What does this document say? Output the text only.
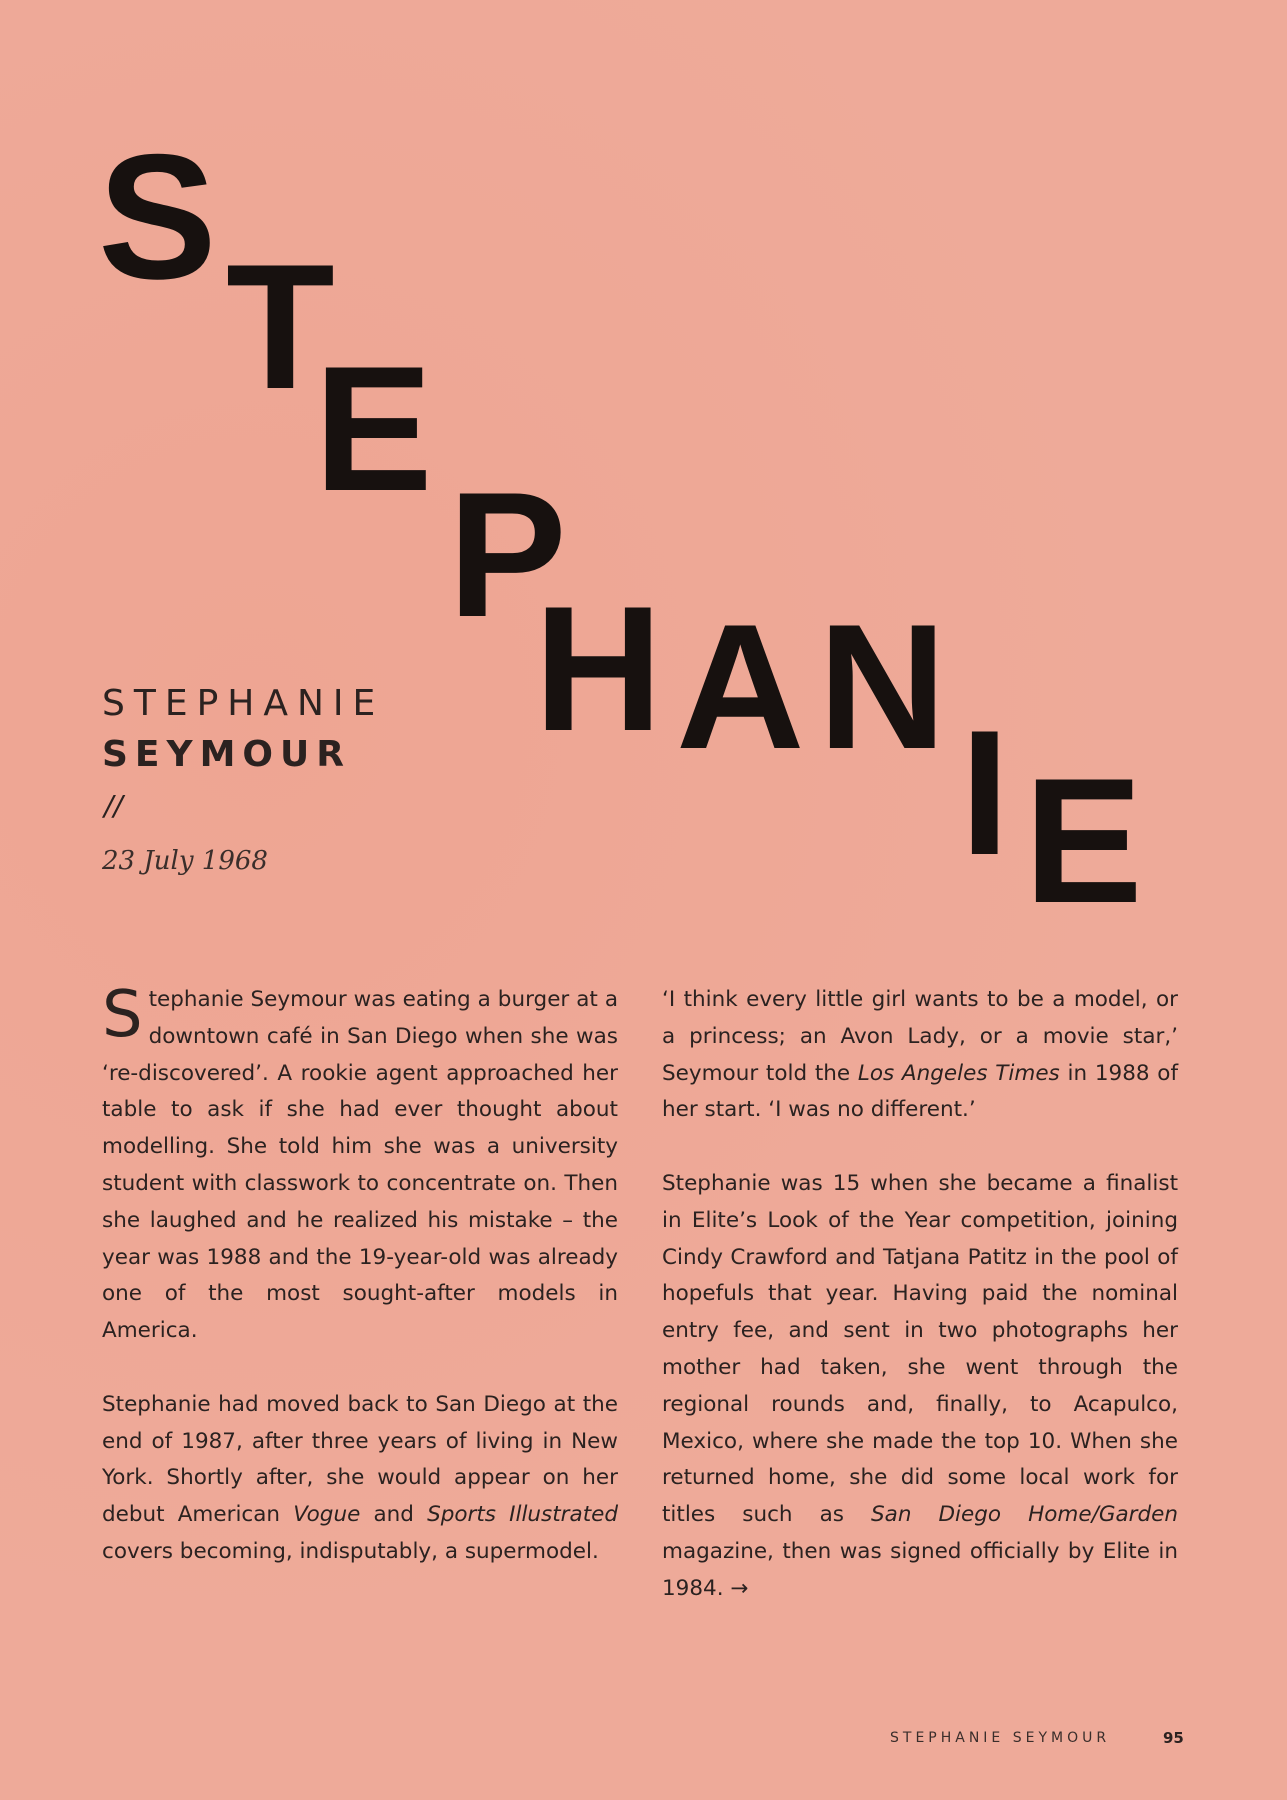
S
T
E
P
H A N
I E
STEPHANIE
SEYMOUR
//
23 July 1968

Stephanie Seymour was eating a burger at a downtown café in San Diego when she was ‘re-discovered’. A rookie agent approached her table to ask if she had ever thought about modelling. She told him she was a university student with classwork to concentrate on. Then she laughed and he realized his mistake – the year was 1988 and the 19-year-old was already one of the most sought-after models in America.

Stephanie had moved back to San Diego at the end of 1987, after three years of living in New York. Shortly after, she would appear on her debut American Vogue and Sports Illustrated covers becoming, indisputably, a supermodel.

‘I think every little girl wants to be a model, or a princess; an Avon Lady, or a movie star,’ Seymour told the Los Angeles Times in 1988 of her start. ‘I was no different.’

Stephanie was 15 when she became a finalist in Elite’s Look of the Year competition, joining Cindy Crawford and Tatjana Patitz in the pool of hopefuls that year. Having paid the nominal entry fee, and sent in two photographs her mother had taken, she went through the regional rounds and, finally, to Acapulco, Mexico, where she made the top 10. When she returned home, she did some local work for titles such as San Diego Home/Garden magazine, then was signed officially by Elite in 1984. →

STEPHANIE SEYMOUR	95
